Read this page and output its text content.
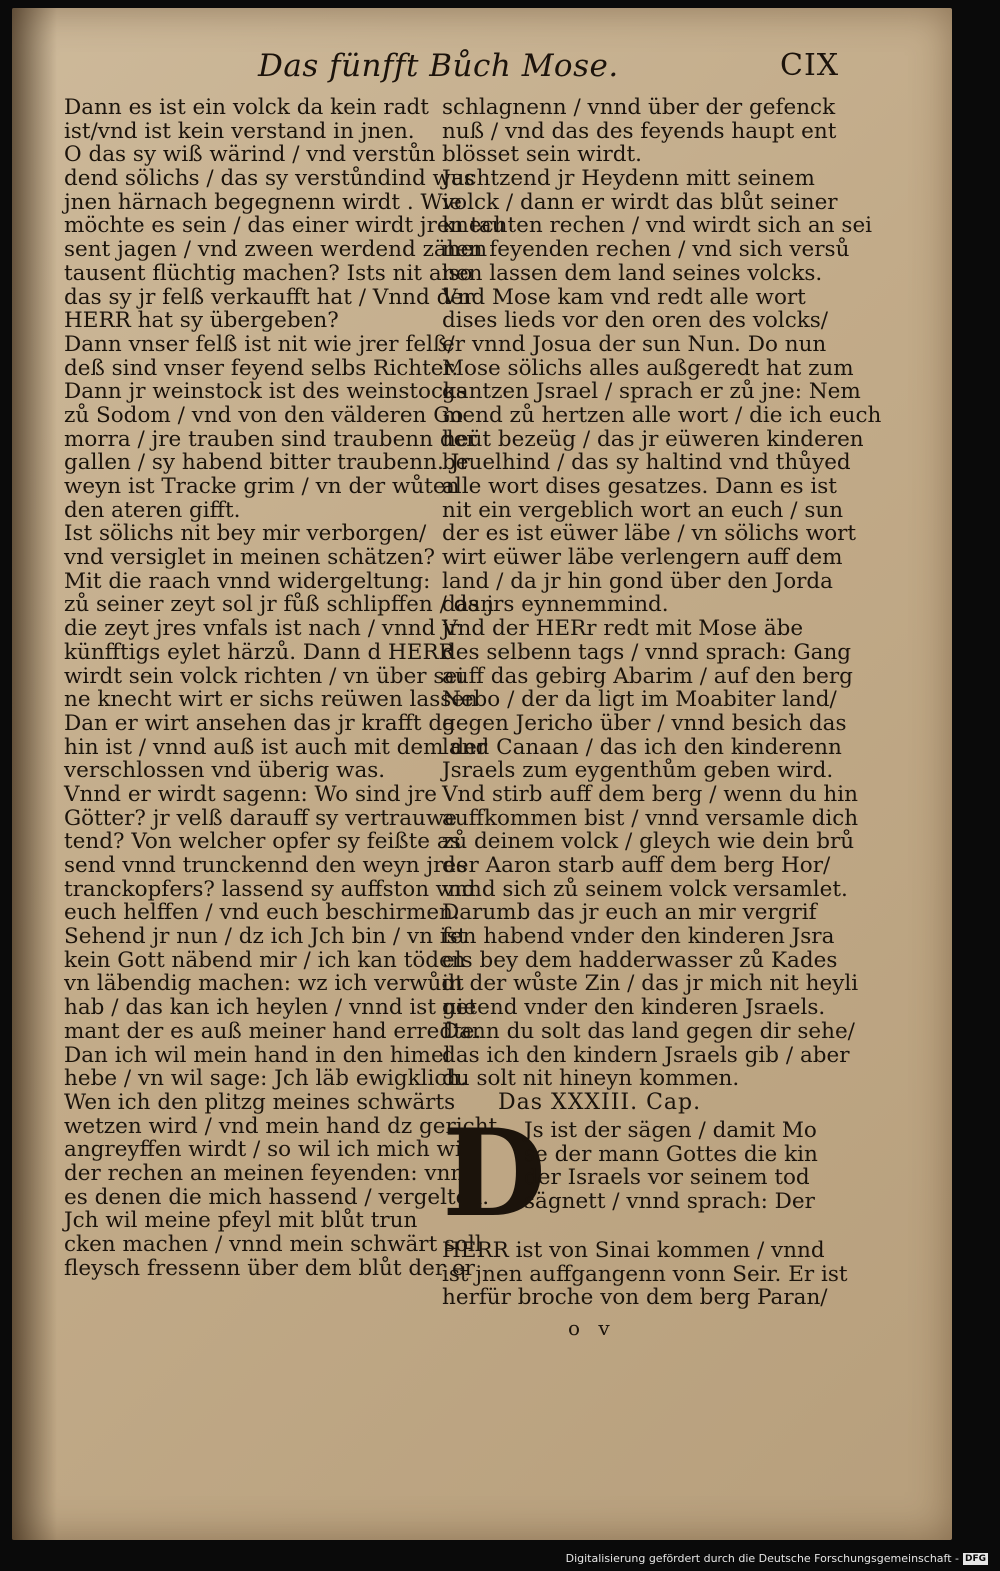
Das fünfft Bůch Mose.	CIX
Dann es ist ein volck da kein radt
ist/vnd ist kein verstand in jnen.
O das sy wiß wärind / vnd verstůn
dend sölichs / das sy verstůndind was
jnen härnach begegnenn wirdt . Wie
möchte es sein / das einer wirdt jren tau
sent jagen / vnd zween werdend zähen
tausent flüchtig machen? Ists nit also
das sy jr felß verkaufft hat / Vnnd der
HERR hat sy übergeben?
Dann vnser felß ist nit wie jrer felß/
deß sind vnser feyend selbs Richter.
Dann jr weinstock ist des weinstocks
zů Sodom / vnd von den välderen Go
morra / jre trauben sind traubenn der
gallen / sy habend bitter traubenn. Jr
weyn ist Tracke grim / vn der wůten
den ateren gifft.
Ist sölichs nit bey mir verborgen/
vnd versiglet in meinen schätzen?
Mit die raach vnnd widergeltung:
zů seiner zeyt sol jr fůß schlipffen / dan
die zeyt jres vnfals ist nach / vnnd jr
künfftigs eylet härzů. Dann d HERR
wirdt sein volck richten / vn über sei
ne knecht wirt er sichs reüwen lassen
Dan er wirt ansehen das jr krafft da
hin ist / vnnd auß ist auch mit dem der
verschlossen vnd überig was.
Vnnd er wirdt sagenn: Wo sind jre
Götter? jr velß darauff sy vertrauwe
tend? Von welcher opfer sy feißte as
send vnnd trunckennd den weyn jres
tranckopfers? lassend sy auffston vnd
euch helffen / vnd euch beschirmen.
Sehend jr nun / dz ich Jch bin / vn ist
kein Gott näbend mir / ich kan töden
vn läbendig machen: wz ich verwůdt
hab / das kan ich heylen / vnnd ist nie
mant der es auß meiner hand erredte.
Dan ich wil mein hand in den himel
hebe / vn wil sage: Jch läb ewigklich.
Wen ich den plitzg meines schwärts
wetzen wird / vnd mein hand dz gericht
angreyffen wirdt / so wil ich mich wi
der rechen an meinen feyenden: vnnd
es denen die mich hassend / vergelten.
Jch wil meine pfeyl mit blůt trun
cken machen / vnnd mein schwärt soll
fleysch fressenn über dem blůt der er
schlagnenn / vnnd über der gefenck
nuß / vnd das des feyends haupt ent
blösset sein wirdt.
Juchtzend jr Heydenn mitt seinem
volck / dann er wirdt das blůt seiner
knechten rechen / vnd wirdt sich an sei
nen feyenden rechen / vnd sich versů
nen lassen dem land seines volcks.
Vnd Mose kam vnd redt alle wort
dises lieds vor den oren des volcks/
er vnnd Josua der sun Nun. Do nun
Mose sölichs alles außgeredt hat zum
gantzen Jsrael / sprach er zů jne: Nem
mend zů hertzen alle wort / die ich euch
heüt bezeüg / das jr eüweren kinderen
beuelhind / das sy haltind vnd thůyed
alle wort dises gesatzes. Dann es ist
nit ein vergeblich wort an euch / sun
der es ist eüwer läbe / vn sölichs wort
wirt eüwer läbe verlengern auff dem
land / da jr hin gond über den Jorda
das jrs eynnemmind.
Vnd der HERr redt mit Mose äbe
des selbenn tags / vnnd sprach: Gang
auff das gebirg Abarim / auf den berg
Nebo / der da ligt im Moabiter land/
gegen Jericho über / vnnd besich das
land Canaan / das ich den kinderenn
Jsraels zum eygenthům geben wird.
Vnd stirb auff dem berg / wenn du hin
auffkommen bist / vnnd versamle dich
zů deinem volck / gleych wie dein brů
der Aaron starb auff dem berg Hor/
vnnd sich zů seinem volck versamlet.
Darumb das jr euch an mir vergrif
fen habend vnder den kinderen Jsra
els bey dem hadderwasser zů Kades
in der wůste Zin / das jr mich nit heyli
getend vnder den kinderen Jsraels.
Dann du solt das land gegen dir sehe/
das ich den kindern Jsraels gib / aber
du solt nit hineyn kommen.
Das XXXIII. Cap.
D
Js ist der sägen / damit Mo
se der mann Gottes die kin
der Israels vor seinem tod
sägnett / vnnd sprach: Der
HERR ist von Sinai kommen / vnnd
ist jnen auffgangenn vonn Seir. Er ist
herfür broche von dem berg Paran/
o v
Digitalisierung gefördert durch die Deutsche Forschungsgemeinschaft - DFG
